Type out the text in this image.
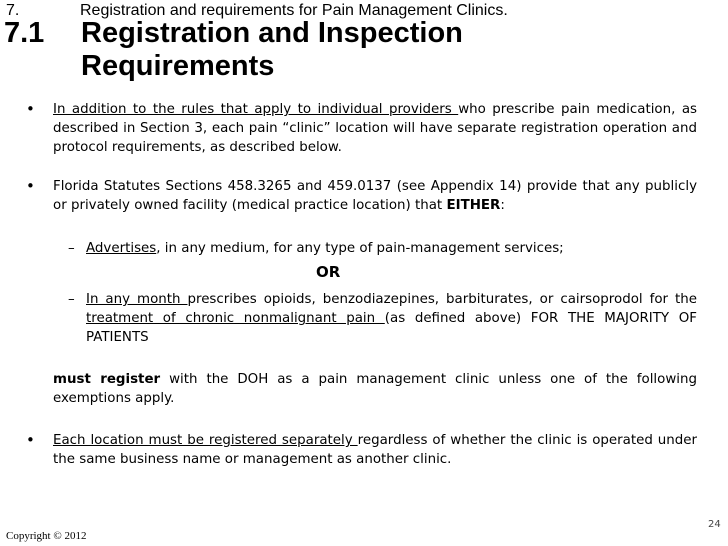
7.	Registration and requirements for Pain Management Clinics.
7.1 Registration and Inspection Requirements
• In addition to the rules that apply to individual providers who prescribe pain medication, as described in Section 3, each pain “clinic” location will have separate registration operation and protocol requirements, as described below.
• Florida Statutes Sections 458.3265 and 459.0137 (see Appendix 14) provide that any publicly or privately owned facility (medical practice location) that EITHER:
– Advertises, in any medium, for any type of pain-management services;
OR
– In any month prescribes opioids, benzodiazepines, barbiturates, or cairsoprodol for the treatment of chronic nonmalignant pain (as defined above) FOR THE MAJORITY OF PATIENTS
must register with the DOH as a pain management clinic unless one of the following exemptions apply.
• Each location must be registered separately regardless of whether the clinic is operated under the same business name or management as another clinic.
Copyright © 2012
24
